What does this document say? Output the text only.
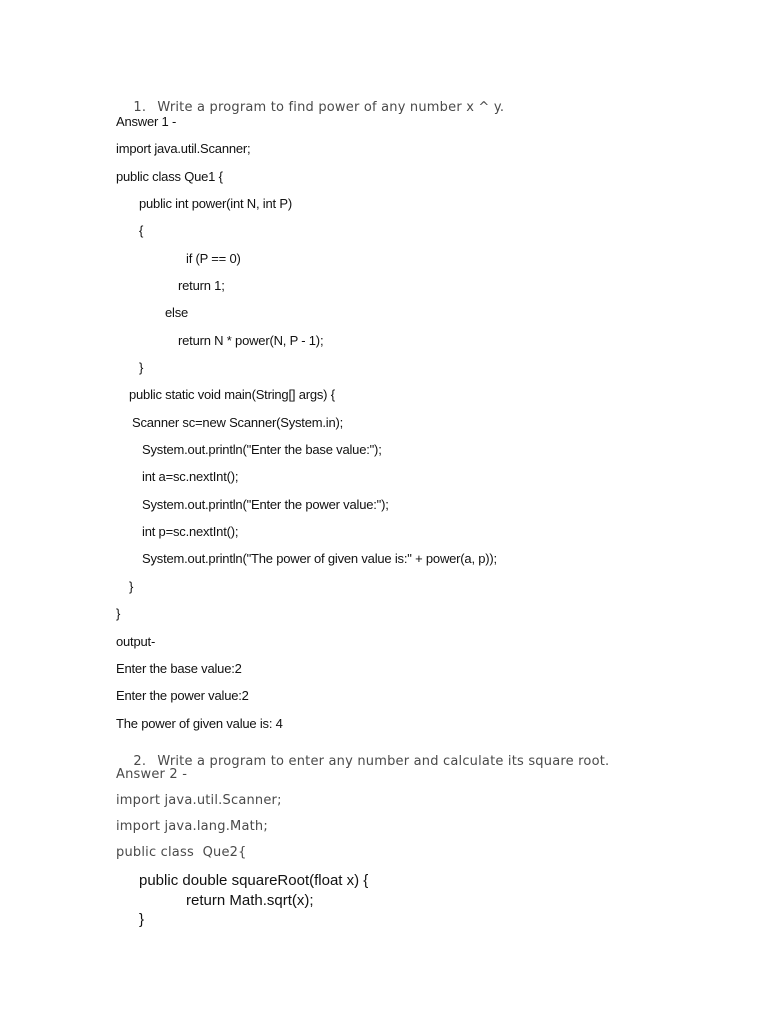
1. Write a program to find power of any number x ^ y.

Answer 1 -
import java.util.Scanner;
public class Que1 {
public int power(int N, int P)
{
if (P == 0)
return 1;
else
return N * power(N, P - 1);
}
public static void main(String[] args) {
Scanner sc=new Scanner(System.in);
System.out.println("Enter the base value:");
int a=sc.nextInt();
System.out.println("Enter the power value:");
int p=sc.nextInt();
System.out.println("The power of given value is:" + power(a, p));
}
}
output-
Enter the base value:2
Enter the power value:2
The power of given value is: 4

2. Write a program to enter any number and calculate its square root.

Answer 2 -
import java.util.Scanner;
import java.lang.Math;
public class  Que2{
public double squareRoot(float x) {
return Math.sqrt(x);
}
